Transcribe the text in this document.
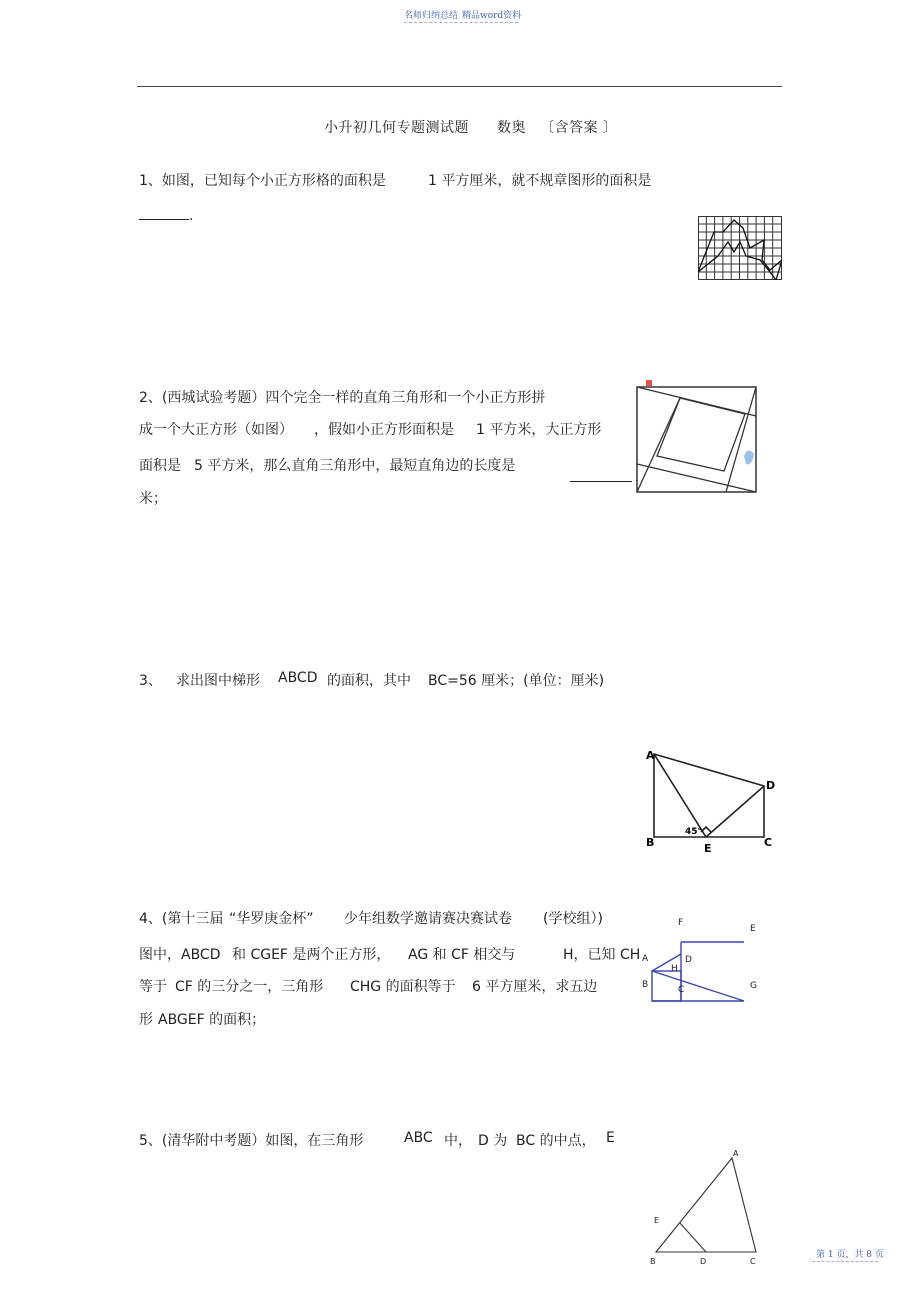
名师归纳总结 精品word资料
小升初几何专题测试题 数奥 〔含答案 〕
1、如图，已知每个小正方形格的面积是	1 平方厘米，就不规章图形的面积是
.
2、(西城试验考题）四个完全一样的直角三角形和一个小正方形拼
成一个大正方形（如图） ，假如小正方形面积是 1 平方米，大正方形
面积是 5 平方米，那么直角三角形中，最短直角边的长度是
米；
3、 求出图中梯形 ABCD 的面积，其中 BC=56 厘米；(单位：厘米)
A
D
B	C
E
45°
4、(第十三届 “华罗庚金杯” 少年组数学邀请赛决赛试卷 (学校组）)
图中，ABCD 和 CGEF 是两个正方形， AG 和 CF 相交与	H，已知 CH
等于 CF 的三分之一，三角形 CHG 的面积等于 6 平方厘米，求五边
形 ABGEF 的面积；
F
E
A	D
H
B	C	G
5、(清华附中考题）如图，在三角形	ABC 中， D 为 BC 的中点， E
A
E
B	D	C
第 1 页，共 8 页
